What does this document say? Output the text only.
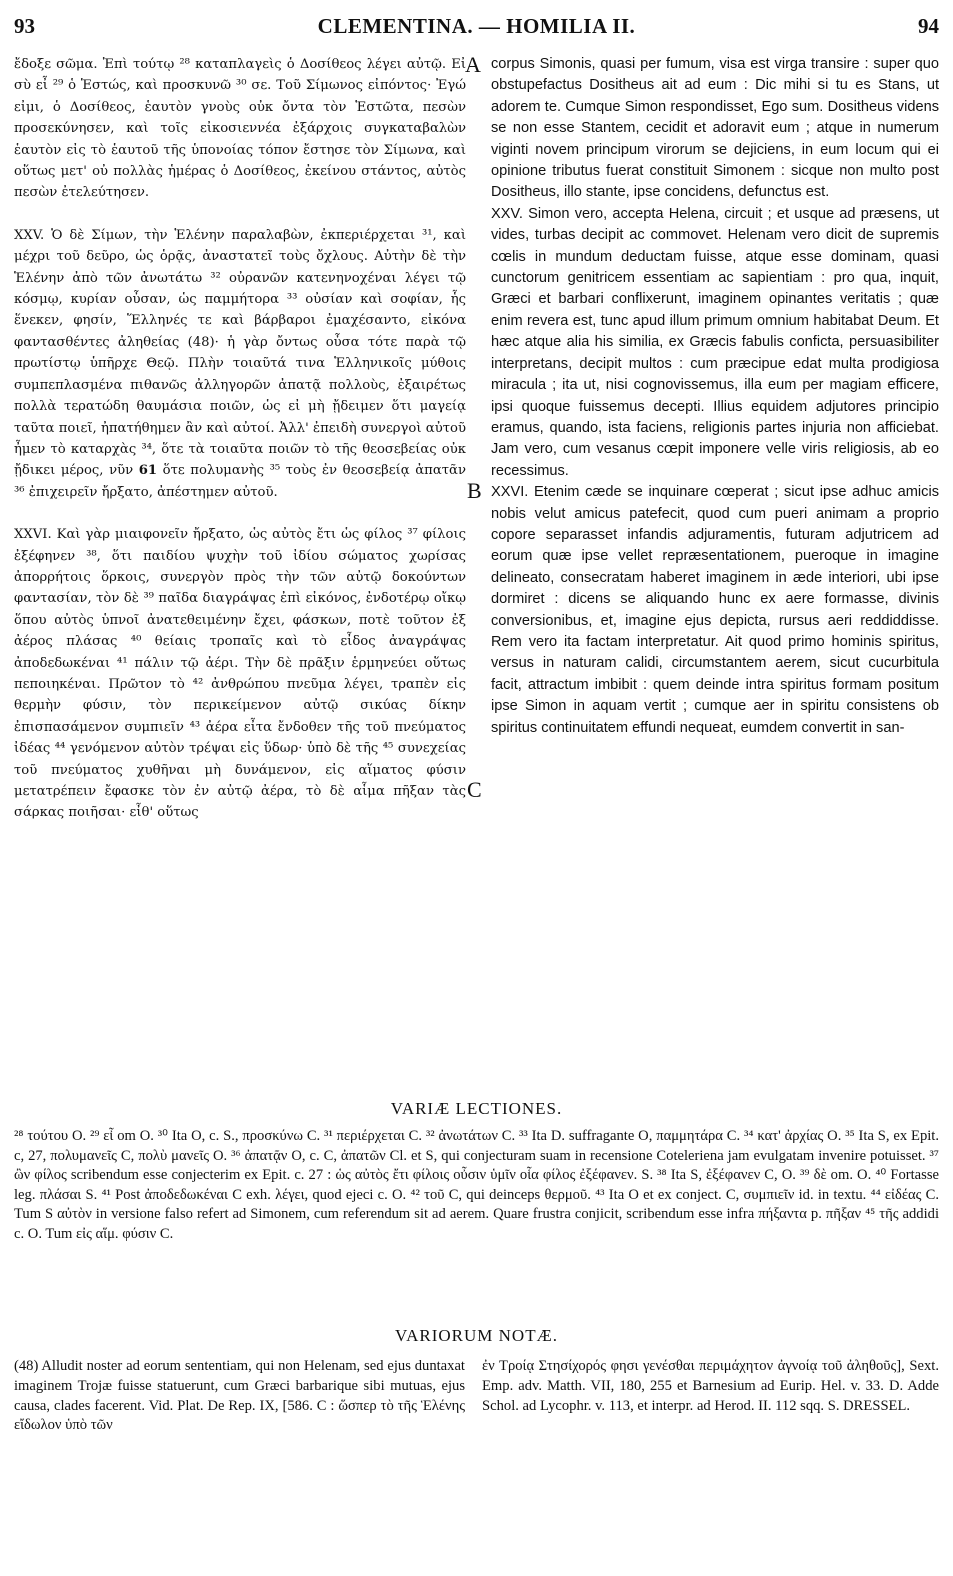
93	CLEMENTINA. — HOMILIA II.	94

ἔδοξε σῶμα. Ἐπὶ τούτῳ ²⁸ καταπλαγεὶς ὁ Δοσίθεος λέγει αὐτῷ. Εἰ σὺ εἶ ²⁹ ὁ Ἑστώς, καὶ προσκυνῶ ³⁰ σε. Τοῦ Σίμωνος εἰπόντος· Ἐγώ εἰμι, ὁ Δοσίθεος, ἑαυτὸν γνοὺς οὐκ ὄντα τὸν Ἑστῶτα, πεσὼν προσεκύνησεν, καὶ τοῖς εἰκοσιεννέα ἐξάρχοις συγκαταβαλὼν ἑαυτὸν εἰς τὸ ἑαυτοῦ τῆς ὑπονοίας τόπον ἔστησε τὸν Σίμωνα, καὶ οὕτως μετ' οὐ πολλὰς ἡμέρας ὁ Δοσίθεος, ἐκείνου στάντος, αὐτὸς πεσὼν ἐτελεύτησεν.

XXV. Ὁ δὲ Σίμων, τὴν Ἑλένην παραλαβὼν, ἐκπεριέρχεται ³¹, καὶ μέχρι τοῦ δεῦρο, ὡς ὁρᾷς, ἀναστατεῖ τοὺς ὄχλους. Αὐτὴν δὲ τὴν Ἑλένην ἀπὸ τῶν ἀνωτάτω ³² οὐρανῶν κατενηνοχέναι λέγει τῷ κόσμῳ, κυρίαν οὖσαν, ὡς παμμήτορα ³³ οὐσίαν καὶ σοφίαν, ἧς ἕνεκεν, φησίν, Ἕλληνές τε καὶ βάρβαροι ἐμαχέσαντο, εἰκόνα φαντασθέντες ἀληθείας (48)· ἡ γὰρ ὄντως οὖσα τότε παρὰ τῷ πρωτίστῳ ὑπῆρχε Θεῷ. Πλὴν τοιαῦτά τινα Ἑλληνικοῖς μύθοις συμπεπλασμένα πιθανῶς ἀλληγορῶν ἀπατᾷ πολλοὺς, ἐξαιρέτως πολλὰ τερατώδη θαυμάσια ποιῶν, ὡς εἰ μὴ ᾔδειμεν ὅτι μαγείᾳ ταῦτα ποιεῖ, ἠπατήθημεν ἂν καὶ αὐτοί. Ἀλλ' ἐπειδὴ συνεργοὶ αὐτοῦ ἦμεν τὸ καταρχὰς ³⁴, ὅτε τὰ τοιαῦτα ποιῶν τὸ τῆς θεοσεβείας οὐκ ᾔδικει μέρος, νῦν 61 ὅτε πολυμανὴς ³⁵ τοὺς ἐν θεοσεβείᾳ ἀπατᾶν ³⁶ ἐπιχειρεῖν ἤρξατο, ἀπέστημεν αὐτοῦ.

XXVI. Καὶ γὰρ μιαιφονεῖν ἤρξατο, ὡς αὐτὸς ἔτι ὡς φίλος ³⁷ φίλοις ἐξέφηνεν ³⁸, ὅτι παιδίου ψυχὴν τοῦ ἰδίου σώματος χωρίσας ἀπορρήτοις ὅρκοις, συνεργὸν πρὸς τὴν τῶν αὐτῷ δοκούντων φαντασίαν, τὸν δὲ ³⁹ παῖδα διαγράψας ἐπὶ εἰκόνος, ἐνδοτέρῳ οἴκῳ ὅπου αὐτὸς ὑπνοῖ ἀνατεθειμένην ἔχει, φάσκων, ποτὲ τοῦτον ἐξ ἀέρος πλάσας ⁴⁰ θείαις τροπαῖς καὶ τὸ εἶδος ἀναγράψας ἀποδεδωκέναι ⁴¹ πάλιν τῷ ἀέρι. Τὴν δὲ πρᾶξιν ἑρμηνεύει οὕτως πεποιηκέναι. Πρῶτον τὸ ⁴² ἀνθρώπου πνεῦμα λέγει, τραπὲν εἰς θερμὴν φύσιν, τὸν περικείμενον αὐτῷ σικύας δίκην ἐπισπασάμενον συμπιεῖν ⁴³ ἀέρα εἶτα ἔνδοθεν τῆς τοῦ πνεύματος ἰδέας ⁴⁴ γενόμενον αὐτὸν τρέψαι εἰς ὕδωρ· ὑπὸ δὲ τῆς ⁴⁵ συνεχείας τοῦ πνεύματος χυθῆναι μὴ δυνάμενον, εἰς αἵματος φύσιν μετατρέπειν ἔφασκε τὸν ἐν αὐτῷ ἀέρα, τὸ δὲ αἷμα πῆξαν τὰς σάρκας ποιῆσαι· εἶθ' οὕτως

A
B
C

corpus Simonis, quasi per fumum, visa est virga transire : super quo obstupefactus Dositheus ait ad eum : Dic mihi si tu es Stans, ut adorem te. Cumque Simon respondisset, Ego sum. Dositheus videns se non esse Stantem, cecidit et adoravit eum ; atque in numerum viginti novem principum virorum se dejiciens, in eum locum qui ei opinione tributus fuerat constituit Simonem : sicque non multo post Dositheus, illo stante, ipse concidens, defunctus est.

XXV. Simon vero, accepta Helena, circuit ; et usque ad præsens, ut vides, turbas decipit ac commovet. Helenam vero dicit de supremis cœlis in mundum deductam fuisse, atque esse dominam, quasi cunctorum genitricem essentiam ac sapientiam : pro qua, inquit, Græci et barbari conflixerunt, imaginem opinantes veritatis ; quæ enim revera est, tunc apud illum primum omnium habitabat Deum. Et hæc atque alia his similia, ex Græcis fabulis conficta, persuasibiliter interpretans, decipit multos : cum præcipue edat multa prodigiosa miracula ; ita ut, nisi cognovissemus, illa eum per magiam efficere, ipsi quoque fuissemus decepti. Illius equidem adjutores principio eramus, quando, ista faciens, religionis partes injuria non afficiebat. Jam vero, cum vesanus cœpit imponere velle viris religiosis, ab eo recessimus.

XXVI. Etenim cæde se inquinare cœperat ; sicut ipse adhuc amicis nobis velut amicus patefecit, quod cum pueri animam a proprio copore separasset infandis adjuramentis, futuram adjutricem ad eorum quæ ipse vellet repræsentationem, pueroque in imagine delineato, consecratam haberet imaginem in æde interiori, ubi ipse dormiret : dicens se aliquando hunc ex aere formasse, divinis conversionibus, et, imagine ejus depicta, rursus aeri reddiddisse. Rem vero ita factam interpretatur. Ait quod primo hominis spiritus, versus in naturam calidi, circumstantem aerem, sicut cucurbitula facit, attractum imbibit : quem deinde intra spiritus formam positum ipse Simon in aquam vertit ; cumque aer in spiritu consistens ob spiritus continuitatem effundi nequeat, eumdem convertit in san-

VARIÆ LECTIONES.
²⁸ τούτου O. ²⁹ εἶ om O. ³⁰ Ita O, c. S., προσκύνω C. ³¹ περιέρχεται C. ³² ἀνωτάτων C. ³³ Ita D. suffragante O, παμμητάρα C. ³⁴ κατ' ἀρχίας O. ³⁵ Ita S, ex Epit. c, 27, πολυμανεῖς C, πολὺ μανεῖς O. ³⁶ ἀπατᾷν O, c. C, ἀπατῶν Cl. et S, qui conjecturam suam in recensione Coteleriena jam evulgatam invenire potuisset. ³⁷ ὢν φίλος scribendum esse conjecterim ex Epit. c. 27 : ὡς αὐτὸς ἔτι φίλοις οὖσιν ὑμῖν οἷα φίλος ἐξέφανεν. S. ³⁸ Ita S, ἐξέφανεν C, O. ³⁹ δὲ om. O. ⁴⁰ Fortasse leg. πλάσαι S. ⁴¹ Post ἀποδεδωκέναι C exh. λέγει, quod ejeci c. O. ⁴² τοῦ C, qui deinceps θερμοῦ. ⁴³ Ita O et ex conject. C, συμπιεῖν id. in textu. ⁴⁴ εἰδέας C. Tum S αὐτὸν in versione falso refert ad Simonem, cum referendum sit ad aerem. Quare frustra conjicit, scribendum esse infra πήξαντα p. πῆξαν ⁴⁵ τῆς addidi c. O. Tum εἰς αἵμ. φύσιν C.
VARIORUM NOTÆ.
(48) Alludit noster ad eorum sententiam, qui non Helenam, sed ejus duntaxat imaginem Trojæ fuisse statuerunt, cum Græci barbarique sibi mutuas, ejus causa, clades facerent. Vid. Plat. De Rep. IX, [586. C : ὥσπερ τὸ τῆς Ἑλένης εἴδωλον ὑπὸ τῶν
ἐν Τροίᾳ Στησίχορός φησι γενέσθαι περιμάχητον ἀγνοίᾳ τοῦ ἀληθοῦς], Sext. Emp. adv. Matth. VII, 180, 255 et Barnesium ad Eurip. Hel. v. 33. D. Adde Schol. ad Lycophr. v. 113, et interpr. ad Herod. II. 112 sqq. S. DRESSEL.
